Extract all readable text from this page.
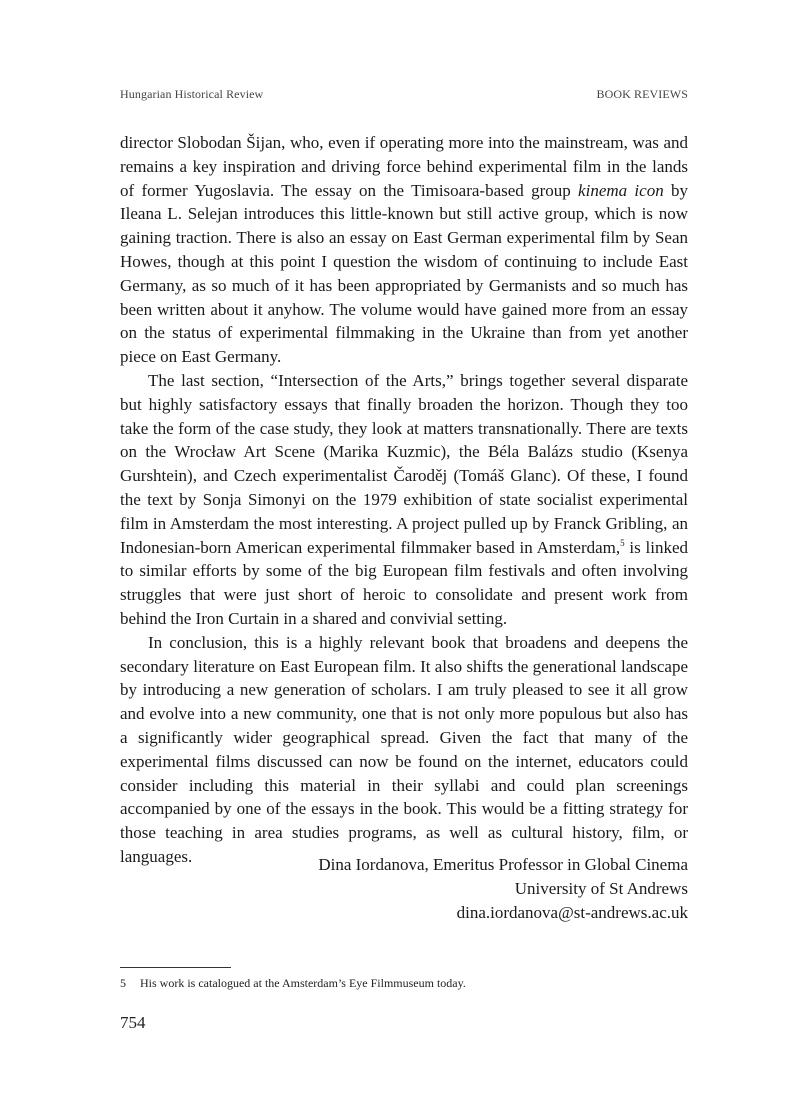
Hungarian Historical Review	BOOK REVIEWS

director Slobodan Šijan, who, even if operating more into the mainstream, was and remains a key inspiration and driving force behind experimental film in the lands of former Yugoslavia. The essay on the Timisoara-based group kinema icon by Ileana L. Selejan introduces this little-known but still active group, which is now gaining traction. There is also an essay on East German experimental film by Sean Howes, though at this point I question the wisdom of continuing to include East Germany, as so much of it has been appropriated by Germanists and so much has been written about it anyhow. The volume would have gained more from an essay on the status of experimental filmmaking in the Ukraine than from yet another piece on East Germany.

The last section, “Intersection of the Arts,” brings together several disparate but highly satisfactory essays that finally broaden the horizon. Though they too take the form of the case study, they look at matters transnationally. There are texts on the Wrocław Art Scene (Marika Kuzmic), the Béla Balázs studio (Ksenya Gurshtein), and Czech experimentalist Čaroděj (Tomáš Glanc). Of these, I found the text by Sonja Simonyi on the 1979 exhibition of state socialist experimental film in Amsterdam the most interesting. A project pulled up by Franck Gribling, an Indonesian-born American experimental filmmaker based in Amsterdam,$^5$ is linked to similar efforts by some of the big European film festivals and often involving struggles that were just short of heroic to consolidate and present work from behind the Iron Curtain in a shared and convivial setting.

In conclusion, this is a highly relevant book that broadens and deepens the secondary literature on East European film. It also shifts the generational landscape by introducing a new generation of scholars. I am truly pleased to see it all grow and evolve into a new community, one that is not only more populous but also has a significantly wider geographical spread. Given the fact that many of the experimental films discussed can now be found on the internet, educators could consider including this material in their syllabi and could plan screenings accompanied by one of the essays in the book. This would be a fitting strategy for those teaching in area studies programs, as well as cultural history, film, or languages.	Dina Iordanova, Emeritus Professor in Global Cinema
University of St Andrews
dina.iordanova@st-andrews.ac.uk
5 His work is catalogued at the Amsterdam’s Eye Filmmuseum today.
754
